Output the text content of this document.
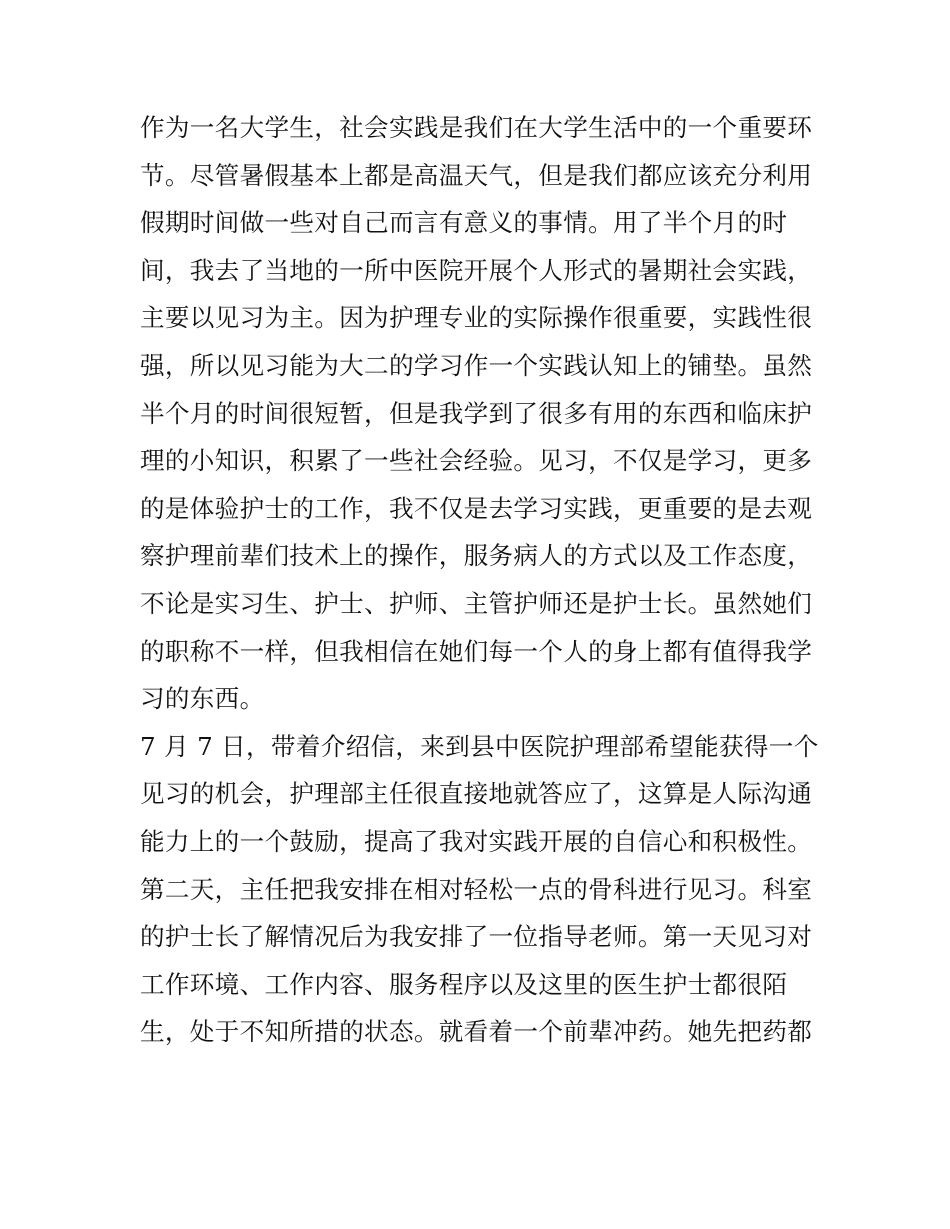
作为一名大学生，社会实践是我们在大学生活中的一个重要环
节。尽管暑假基本上都是高温天气，但是我们都应该充分利用
假期时间做一些对自己而言有意义的事情。用了半个月的时
间，我去了当地的一所中医院开展个人形式的暑期社会实践，
主要以见习为主。因为护理专业的实际操作很重要，实践性很
强，所以见习能为大二的学习作一个实践认知上的铺垫。虽然
半个月的时间很短暂，但是我学到了很多有用的东西和临床护
理的小知识，积累了一些社会经验。见习，不仅是学习，更多
的是体验护士的工作，我不仅是去学习实践，更重要的是去观
察护理前辈们技术上的操作，服务病人的方式以及工作态度，
不论是实习生、护士、护师、主管护师还是护士长。虽然她们
的职称不一样，但我相信在她们每一个人的身上都有值得我学
习的东西。
7 月 7 日，带着介绍信，来到县中医院护理部希望能获得一个
见习的机会，护理部主任很直接地就答应了，这算是人际沟通
能力上的一个鼓励，提高了我对实践开展的自信心和积极性。
第二天，主任把我安排在相对轻松一点的骨科进行见习。科室
的护士长了解情况后为我安排了一位指导老师。第一天见习对
工作环境、工作内容、服务程序以及这里的医生护士都很陌
生，处于不知所措的状态。就看着一个前辈冲药。她先把药都
